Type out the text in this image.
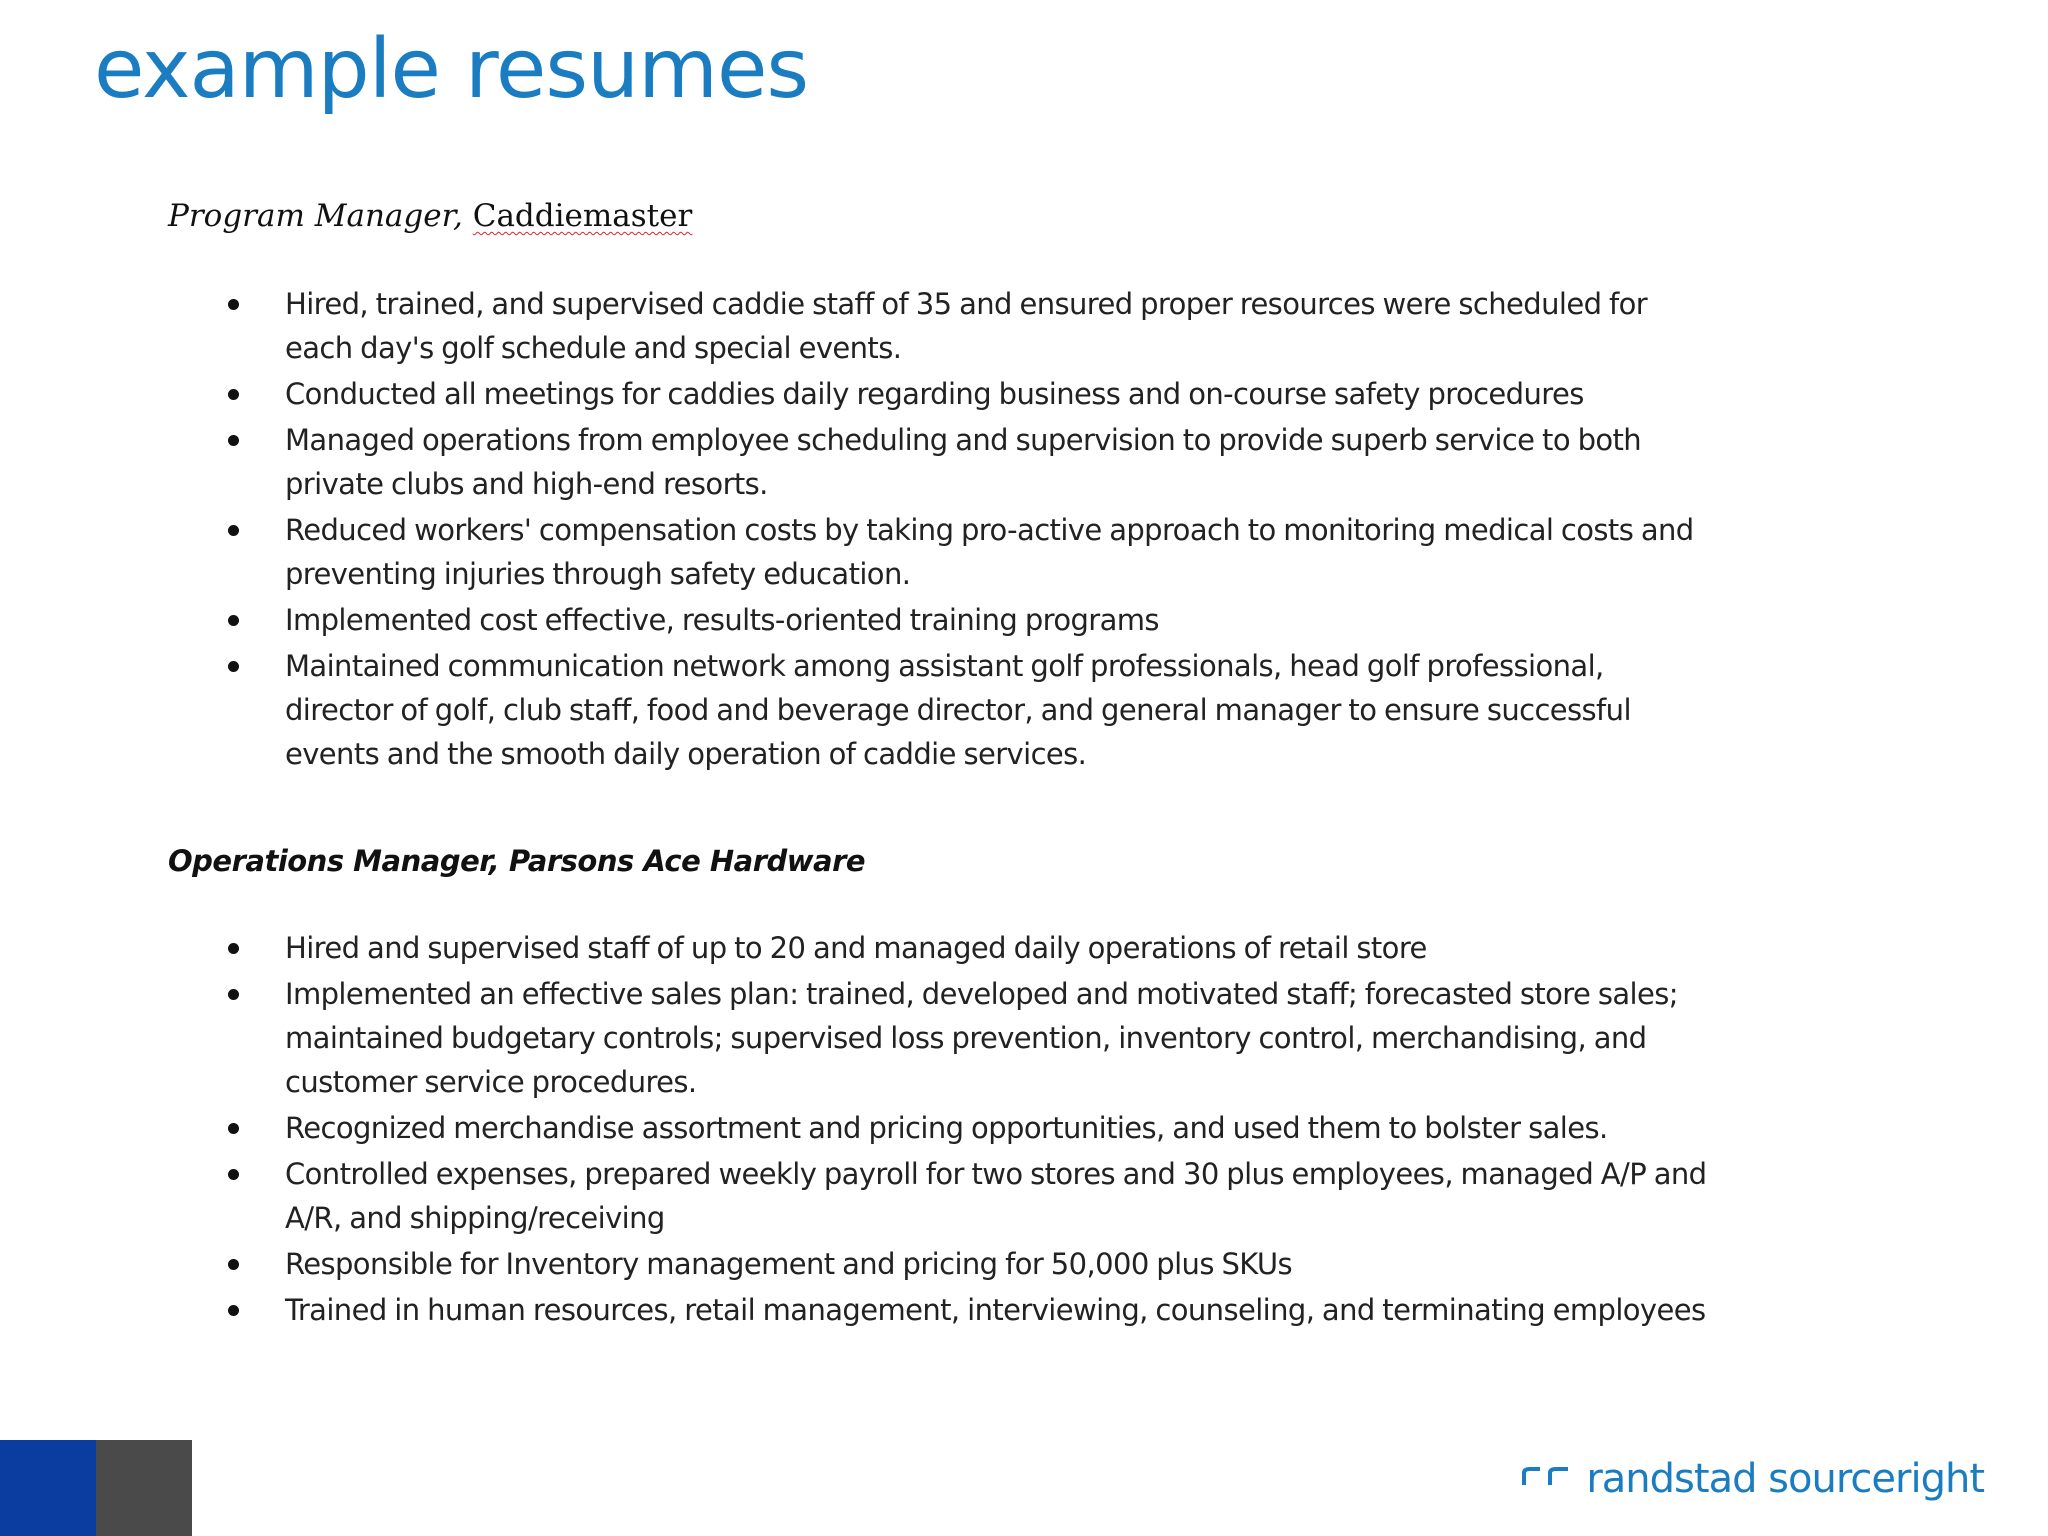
example resumes

Program Manager, Caddiemaster

Hired, trained, and supervised caddie staff of 35 and ensured proper resources were scheduled for each day's golf schedule and special events.
Conducted all meetings for caddies daily regarding business and on-course safety procedures
Managed operations from employee scheduling and supervision to provide superb service to both private clubs and high-end resorts.
Reduced workers' compensation costs by taking pro-active approach to monitoring medical costs and preventing injuries through safety education.
Implemented cost effective, results-oriented training programs
Maintained communication network among assistant golf professionals, head golf professional, director of golf, club staff, food and beverage director, and general manager to ensure successful events and the smooth daily operation of caddie services.

Operations Manager, Parsons Ace Hardware

Hired and supervised staff of up to 20 and managed daily operations of retail store
Implemented an effective sales plan: trained, developed and motivated staff; forecasted store sales; maintained budgetary controls; supervised loss prevention, inventory control, merchandising, and customer service procedures.
Recognized merchandise assortment and pricing opportunities, and used them to bolster sales.
Controlled expenses, prepared weekly payroll for two stores and 30 plus employees, managed A/P and A/R, and shipping/receiving
Responsible for Inventory management and pricing for 50,000 plus SKUs
Trained in human resources, retail management, interviewing, counseling, and terminating employees
randstad sourceright
